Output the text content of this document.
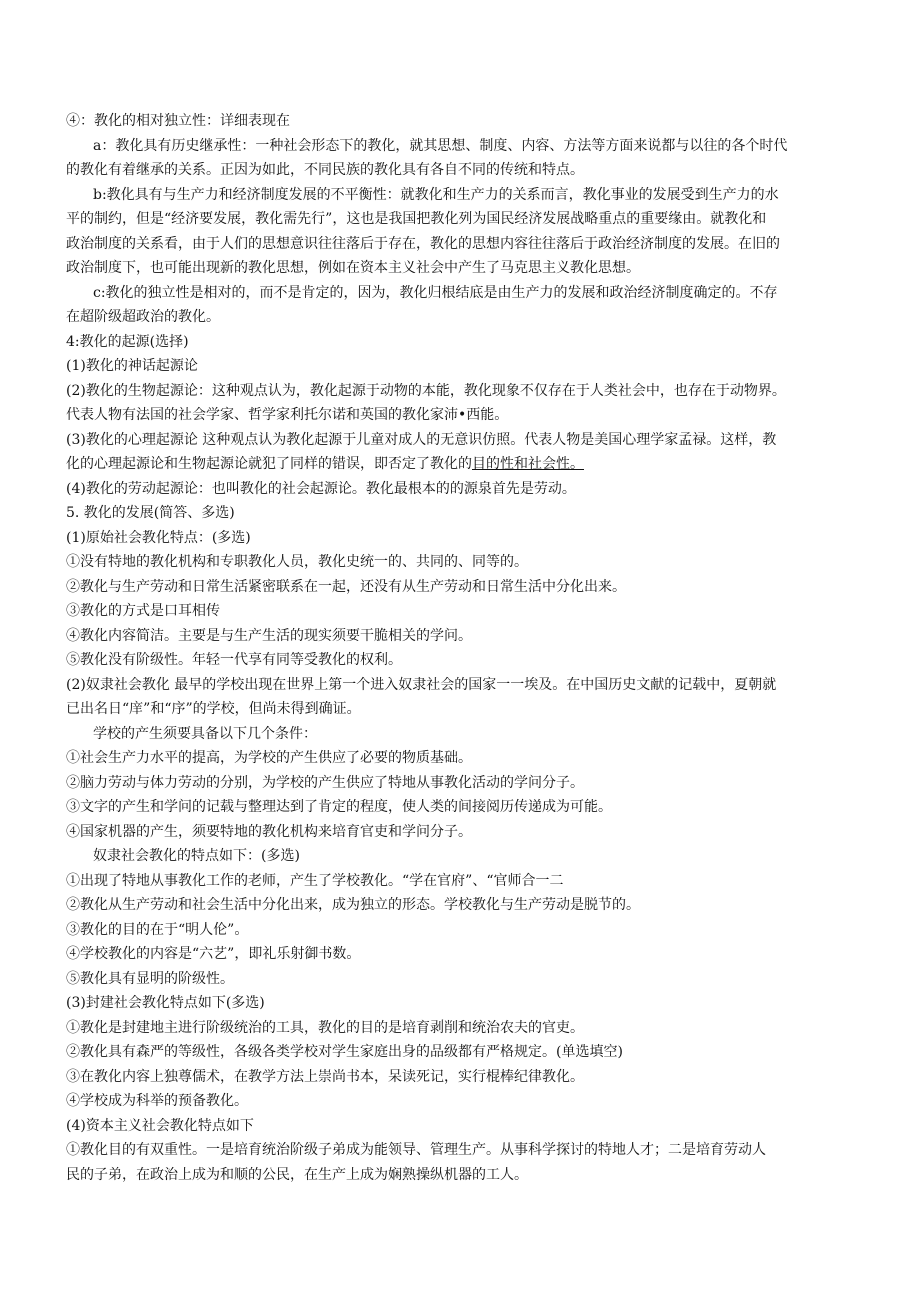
④：教化的相对独立性：详细表现在
a：教化具有历史继承性：一种社会形态下的教化，就其思想、制度、内容、方法等方面来说都与以往的各个时代
的教化有着继承的关系。正因为如此，不同民族的教化具有各自不同的传统和特点。
b:教化具有与生产力和经济制度发展的不平衡性：就教化和生产力的关系而言，教化事业的发展受到生产力的水
平的制约，但是“经济要发展，教化需先行”，这也是我国把教化列为国民经济发展战略重点的重要缘由。就教化和
政治制度的关系看，由于人们的思想意识往往落后于存在，教化的思想内容往往落后于政治经济制度的发展。在旧的
政治制度下，也可能出现新的教化思想，例如在资本主义社会中产生了马克思主义教化思想。
c:教化的独立性是相对的，而不是肯定的，因为，教化归根结底是由生产力的发展和政治经济制度确定的。不存
在超阶级超政治的教化。
4:教化的起源(选择)
(1)教化的神话起源论
(2)教化的生物起源论：这种观点认为，教化起源于动物的本能，教化现象不仅存在于人类社会中，也存在于动物界。
代表人物有法国的社会学家、哲学家利托尔诺和英国的教化家沛•西能。
(3)教化的心理起源论 这种观点认为教化起源于儿童对成人的无意识仿照。代表人物是美国心理学家孟禄。这样，教
化的心理起源论和生物起源论就犯了同样的错误，即否定了教化的目的性和社会性。
(4)教化的劳动起源论：也叫教化的社会起源论。教化最根本的的源泉首先是劳动。
5. 教化的发展(简答、多选)
(1)原始社会教化特点：(多选)
①没有特地的教化机构和专职教化人员，教化史统一的、共同的、同等的。
②教化与生产劳动和日常生活紧密联系在一起，还没有从生产劳动和日常生活中分化出来。
③教化的方式是口耳相传
④教化内容简洁。主要是与生产生活的现实须要干脆相关的学问。
⑤教化没有阶级性。年轻一代享有同等受教化的权利。
(2)奴隶社会教化 最早的学校出现在世界上第一个进入奴隶社会的国家一一埃及。在中国历史文献的记载中，夏朝就
已出名日“庠”和“序”的学校，但尚未得到确证。
学校的产生须要具备以下几个条件：
①社会生产力水平的提高，为学校的产生供应了必要的物质基础。
②脑力劳动与体力劳动的分别，为学校的产生供应了特地从事教化活动的学问分子。
③文字的产生和学问的记载与整理达到了肯定的程度，使人类的间接阅历传递成为可能。
④国家机器的产生，须要特地的教化机构来培育官吏和学问分子。
奴隶社会教化的特点如下：(多选)
①出现了特地从事教化工作的老师，产生了学校教化。“学在官府”、“官师合一二
②教化从生产劳动和社会生活中分化出来，成为独立的形态。学校教化与生产劳动是脱节的。
③教化的目的在于“明人伦”。
④学校教化的内容是“六艺”，即礼乐射御书数。
⑤教化具有显明的阶级性。
(3)封建社会教化特点如下(多选)
①教化是封建地主进行阶级统治的工具，教化的目的是培育剥削和统治农夫的官吏。
②教化具有森严的等级性，各级各类学校对学生家庭出身的品级都有严格规定。(单选填空)
③在教化内容上独尊儒术，在教学方法上崇尚书本，呆读死记，实行棍棒纪律教化。
④学校成为科举的预备教化。
(4)资本主义社会教化特点如下
①教化目的有双重性。一是培育统治阶级子弟成为能领导、管理生产。从事科学探讨的特地人才；二是培育劳动人
民的子弟，在政治上成为和顺的公民，在生产上成为娴熟操纵机器的工人。
